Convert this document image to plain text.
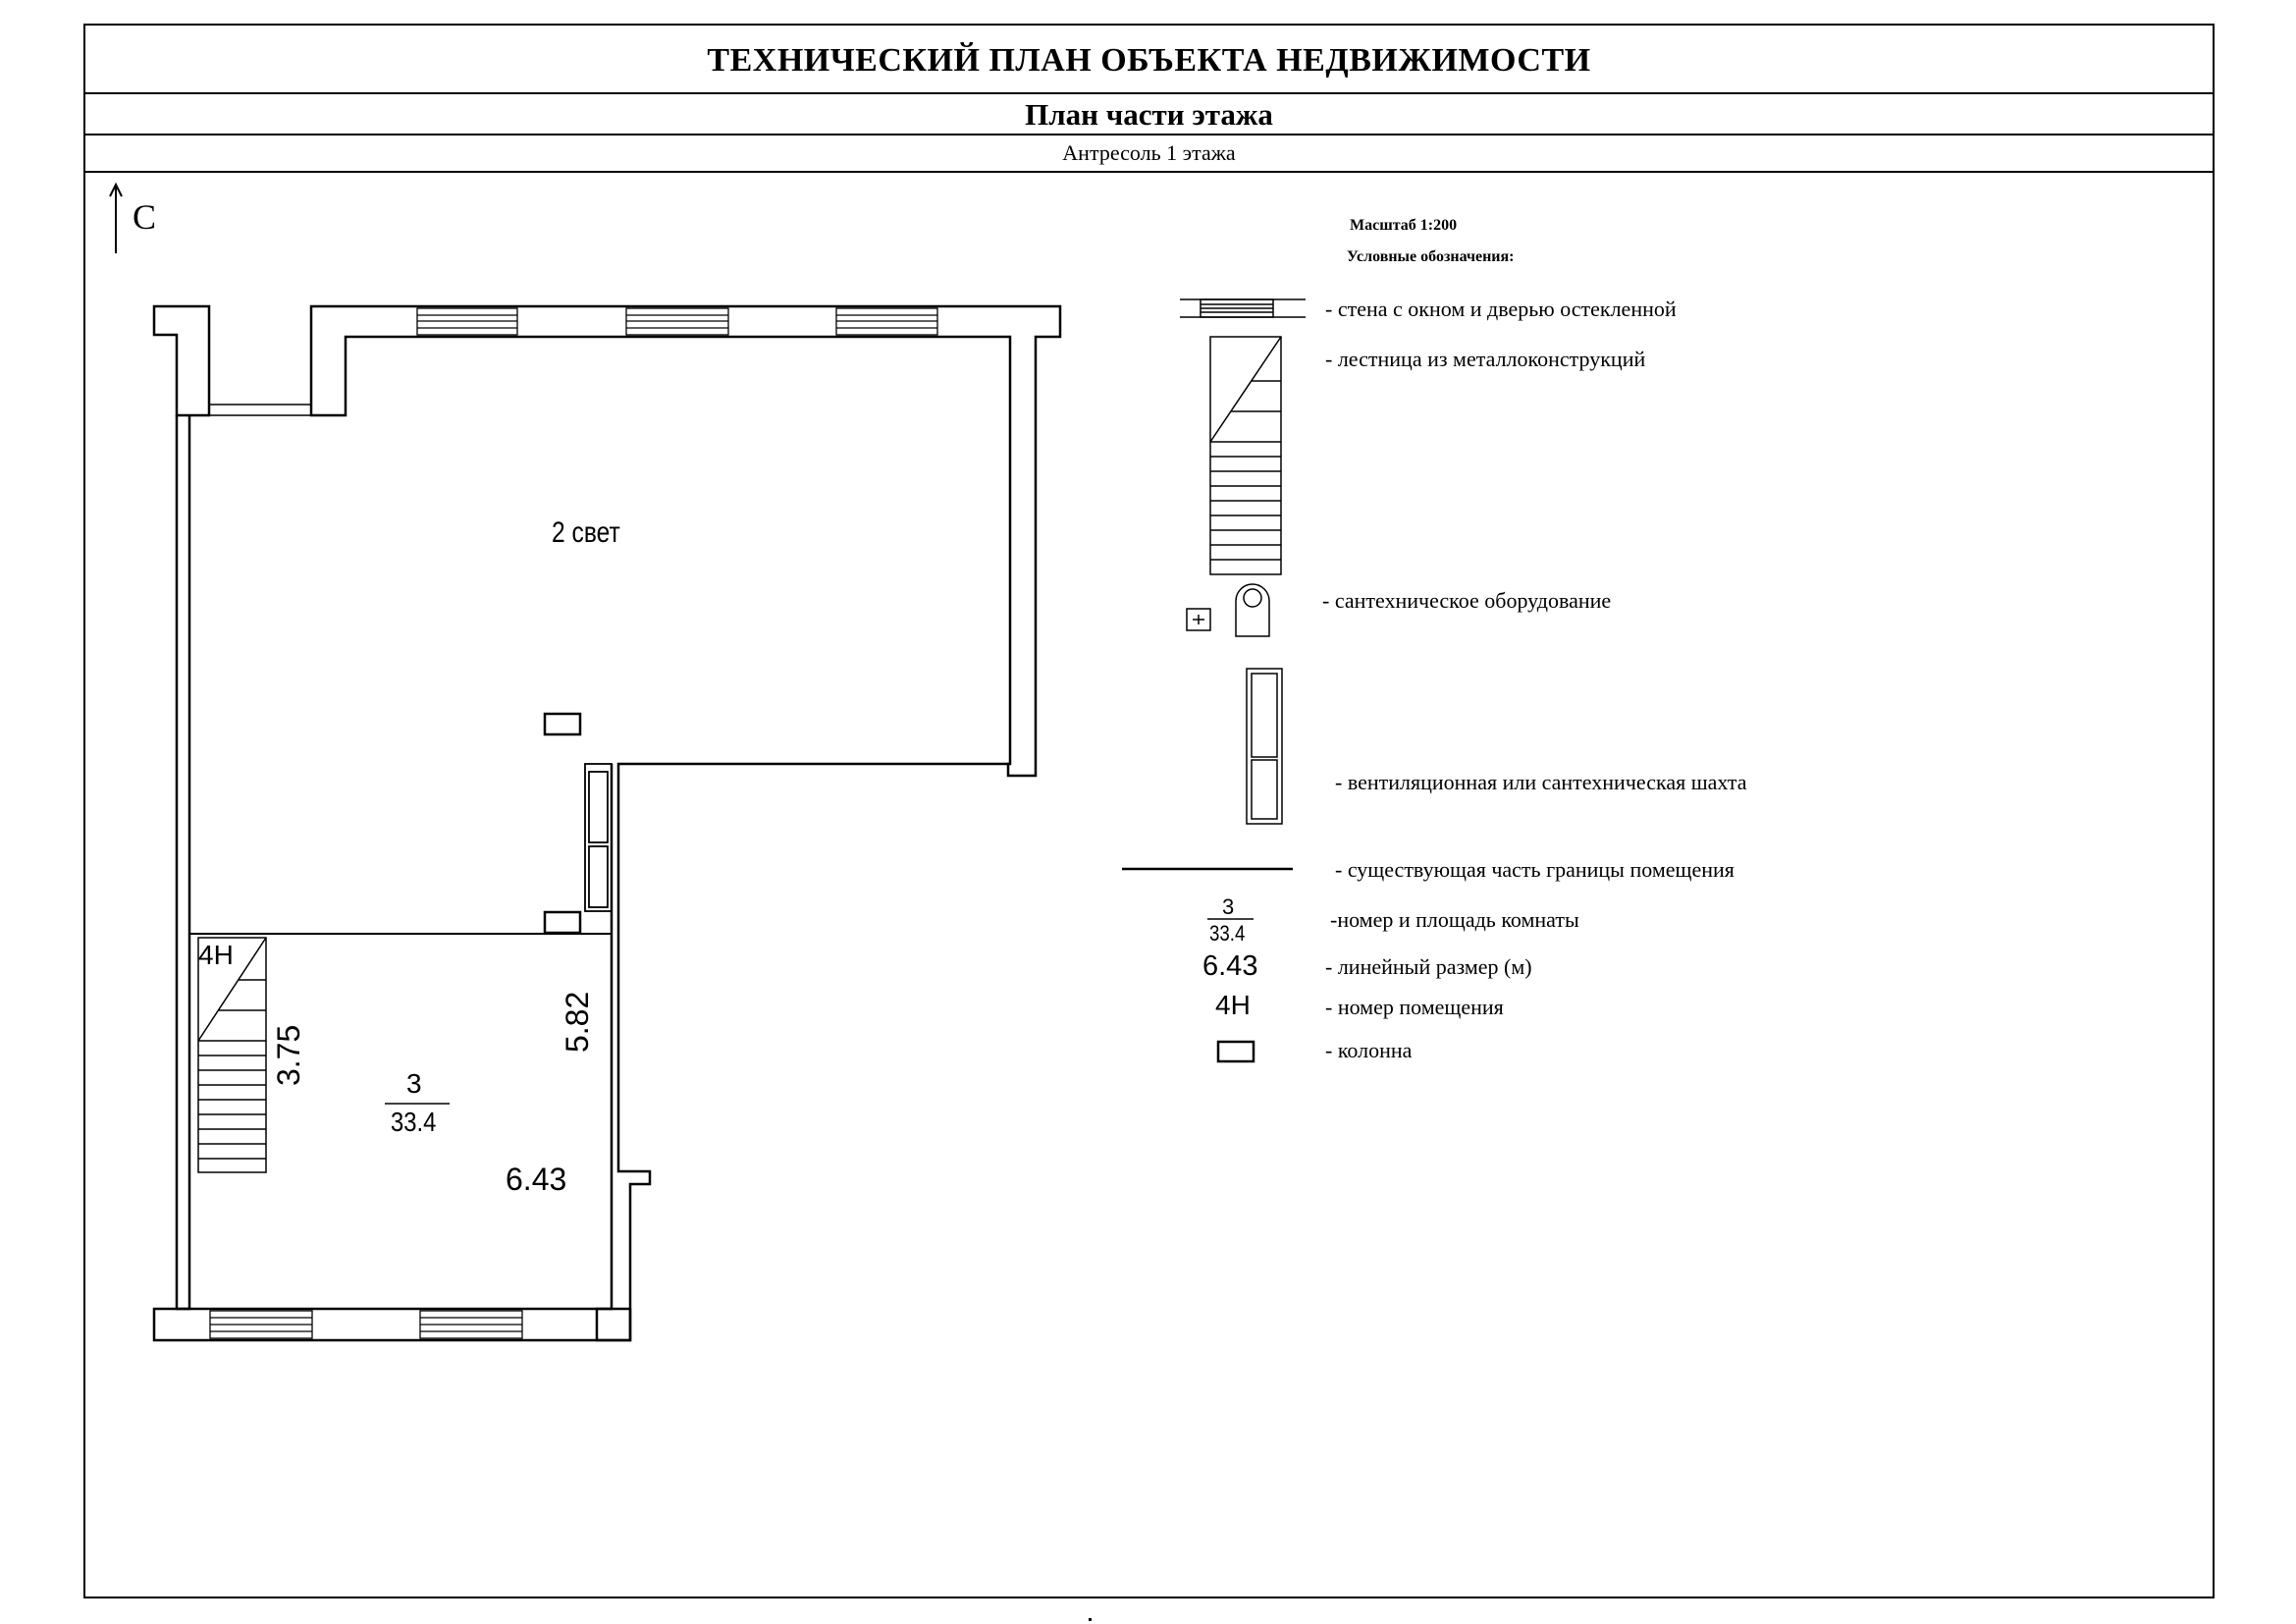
ТЕХНИЧЕСКИЙ ПЛАН ОБЪЕКТА НЕДВИЖИМОСТИ
План части этажа
Антресоль 1 этажа
С
2 свет
4Н
3
33.4
3.75
5.82
6.43
Масштаб 1:200
Условные обозначения:
- стена с окном и дверью остекленной
- лестница из металлоконструкций
- сантехническое оборудование
- вентиляционная или сантехническая шахта
- существующая часть границы помещения
-номер и площадь комнаты
- линейный размер (м)
- номер помещения
- колонна
3
33.4
6.43
4Н
